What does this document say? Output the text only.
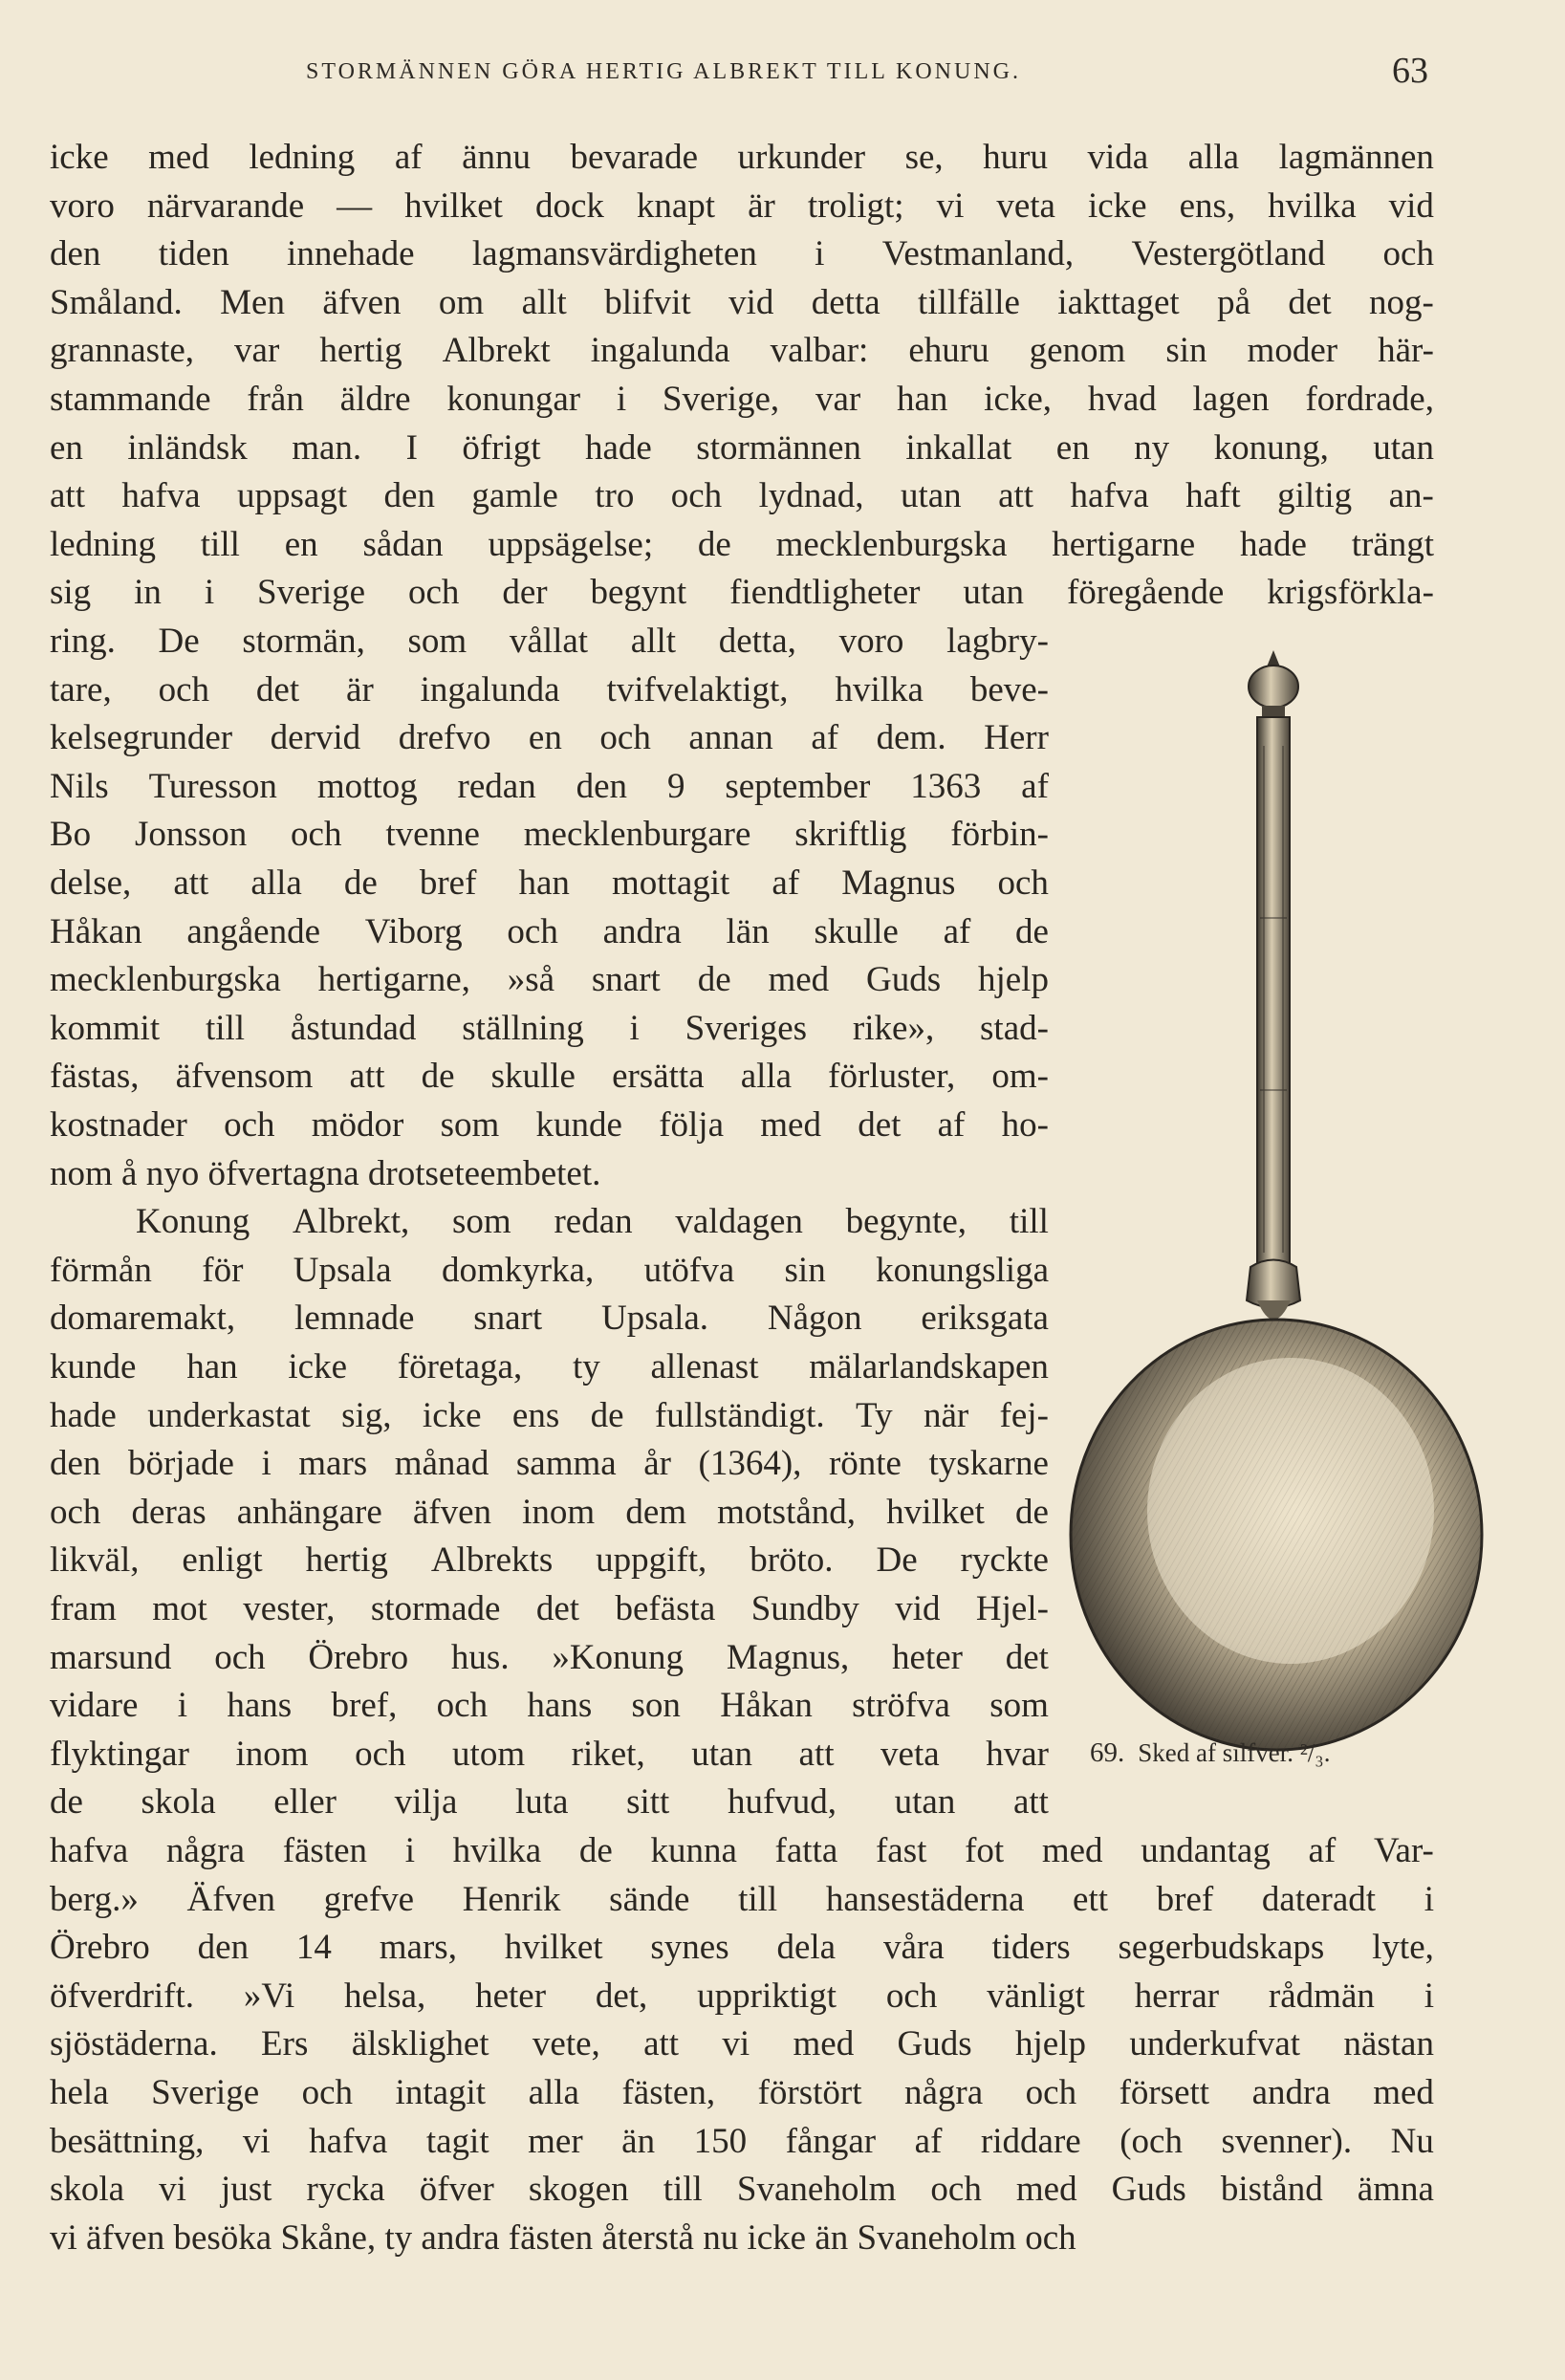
STORMÄNNEN GÖRA HERTIG ALBREKT TILL KONUNG.	63
icke med ledning af ännu bevarade urkunder se, huru vida alla lagmännen
voro närvarande — hvilket dock knapt är troligt; vi veta icke ens, hvilka vid
den tiden innehade lagmansvärdigheten i Vestmanland, Vestergötland och
Småland. Men äfven om allt blifvit vid detta tillfälle iakttaget på det nog-
grannaste, var hertig Albrekt ingalunda valbar: ehuru genom sin moder här-
stammande från äldre konungar i Sverige, var han icke, hvad lagen fordrade,
en inländsk man. I öfrigt hade stormännen inkallat en ny konung, utan
att hafva uppsagt den gamle tro och lydnad, utan att hafva haft giltig an-
ledning till en sådan uppsägelse; de mecklenburgska hertigarne hade trängt
sig in i Sverige och der begynt fiendtligheter utan föregående krigsförkla-
ring. De stormän, som vållat allt detta, voro lagbry-
tare, och det är ingalunda tvifvelaktigt, hvilka beve-
kelsegrunder dervid drefvo en och annan af dem. Herr
Nils Turesson mottog redan den 9 september 1363 af
Bo Jonsson och tvenne mecklenburgare skriftlig förbin-
delse, att alla de bref han mottagit af Magnus och
Håkan angående Viborg och andra län skulle af de
mecklenburgska hertigarne, »så snart de med Guds hjelp
kommit till åstundad ställning i Sveriges rike», stad-
fästas, äfvensom att de skulle ersätta alla förluster, om-
kostnader och mödor som kunde följa med det af ho-
nom å nyo öfvertagna drotseteembetet.
Konung Albrekt, som redan valdagen begynte, till
förmån för Upsala domkyrka, utöfva sin konungsliga
domaremakt, lemnade snart Upsala. Någon eriksgata
kunde han icke företaga, ty allenast mälarlandskapen
hade underkastat sig, icke ens de fullständigt. Ty när fej-
den började i mars månad samma år (1364), rönte tyskarne
och deras anhängare äfven inom dem motstånd, hvilket de
likväl, enligt hertig Albrekts uppgift, bröto. De ryckte
fram mot vester, stormade det befästa Sundby vid Hjel-
marsund och Örebro hus. »Konung Magnus, heter det
vidare i hans bref, och hans son Håkan ströfva som
flyktingar inom och utom riket, utan att veta hvar
de skola eller vilja luta sitt hufvud, utan att
hafva några fästen i hvilka de kunna fatta fast fot med undantag af Var-
berg.» Äfven grefve Henrik sände till hansestäderna ett bref dateradt i
Örebro den 14 mars, hvilket synes dela våra tiders segerbudskaps lyte,
öfverdrift. »Vi helsa, heter det, uppriktigt och vänligt herrar rådmän i
sjöstäderna. Ers älsklighet vete, att vi med Guds hjelp underkufvat nästan
hela Sverige och intagit alla fästen, förstört några och försett andra med
besättning, vi hafva tagit mer än 150 fångar af riddare (och svenner). Nu
skola vi just rycka öfver skogen till Svaneholm och med Guds bistånd ämna
vi äfven besöka Skåne, ty andra fästen återstå nu icke än Svaneholm och
69. Sked af silfver. ²/₃.
